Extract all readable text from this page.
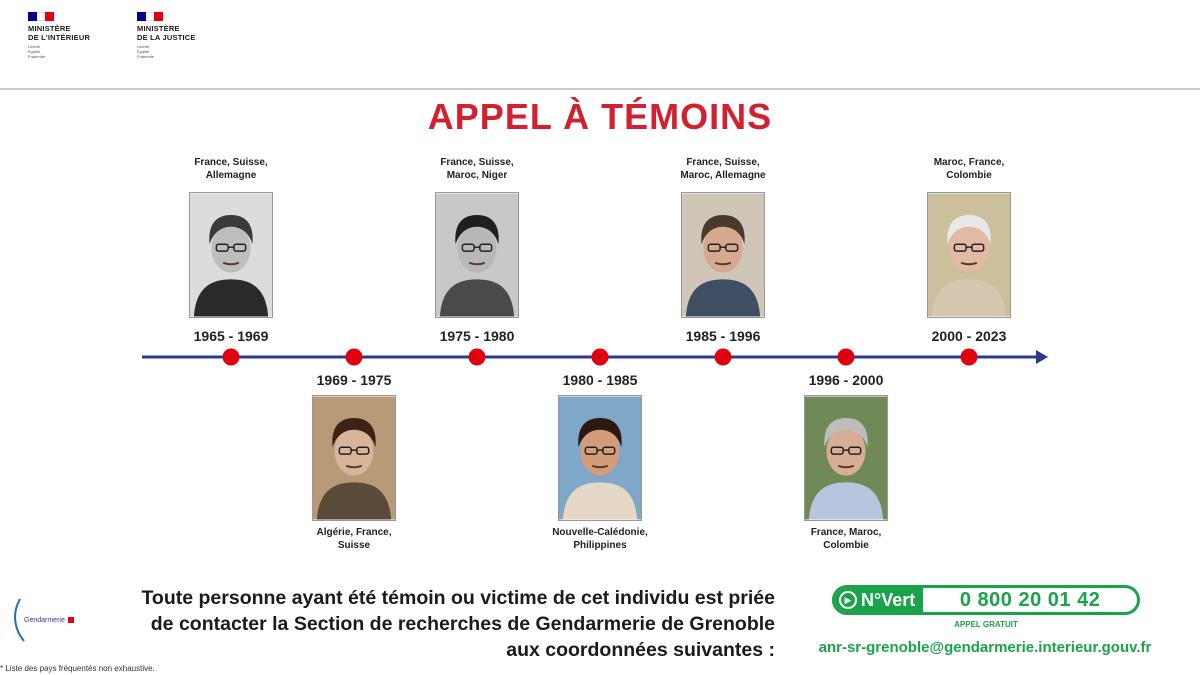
MINISTÈRE
DE L'INTÉRIEUR
Liberté
Égalité
Fraternité
MINISTÈRE
DE LA JUSTICE
Liberté
Égalité
Fraternité
APPEL À TÉMOINS
France, Suisse,
Allemagne
1965 - 1969
1969 - 1975
Algérie, France,
Suisse
France, Suisse,
Maroc, Niger
1975 - 1980
1980 - 1985
Nouvelle-Calédonie,
Philippines
France, Suisse,
Maroc, Allemagne
1985 - 1996
1996 - 2000
France, Maroc,
Colombie
Maroc, France,
Colombie
2000 - 2023
Gendarmerie
Toute personne ayant été témoin ou victime de cet individu est priée de contacter la Section de recherches de Gendarmerie de Grenoble aux coordonnées suivantes :
* Liste des pays fréquentés non exhaustive.
▶ N°Vert	0 800 20 01 42
APPEL GRATUIT
anr-sr-grenoble@gendarmerie.interieur.gouv.fr
